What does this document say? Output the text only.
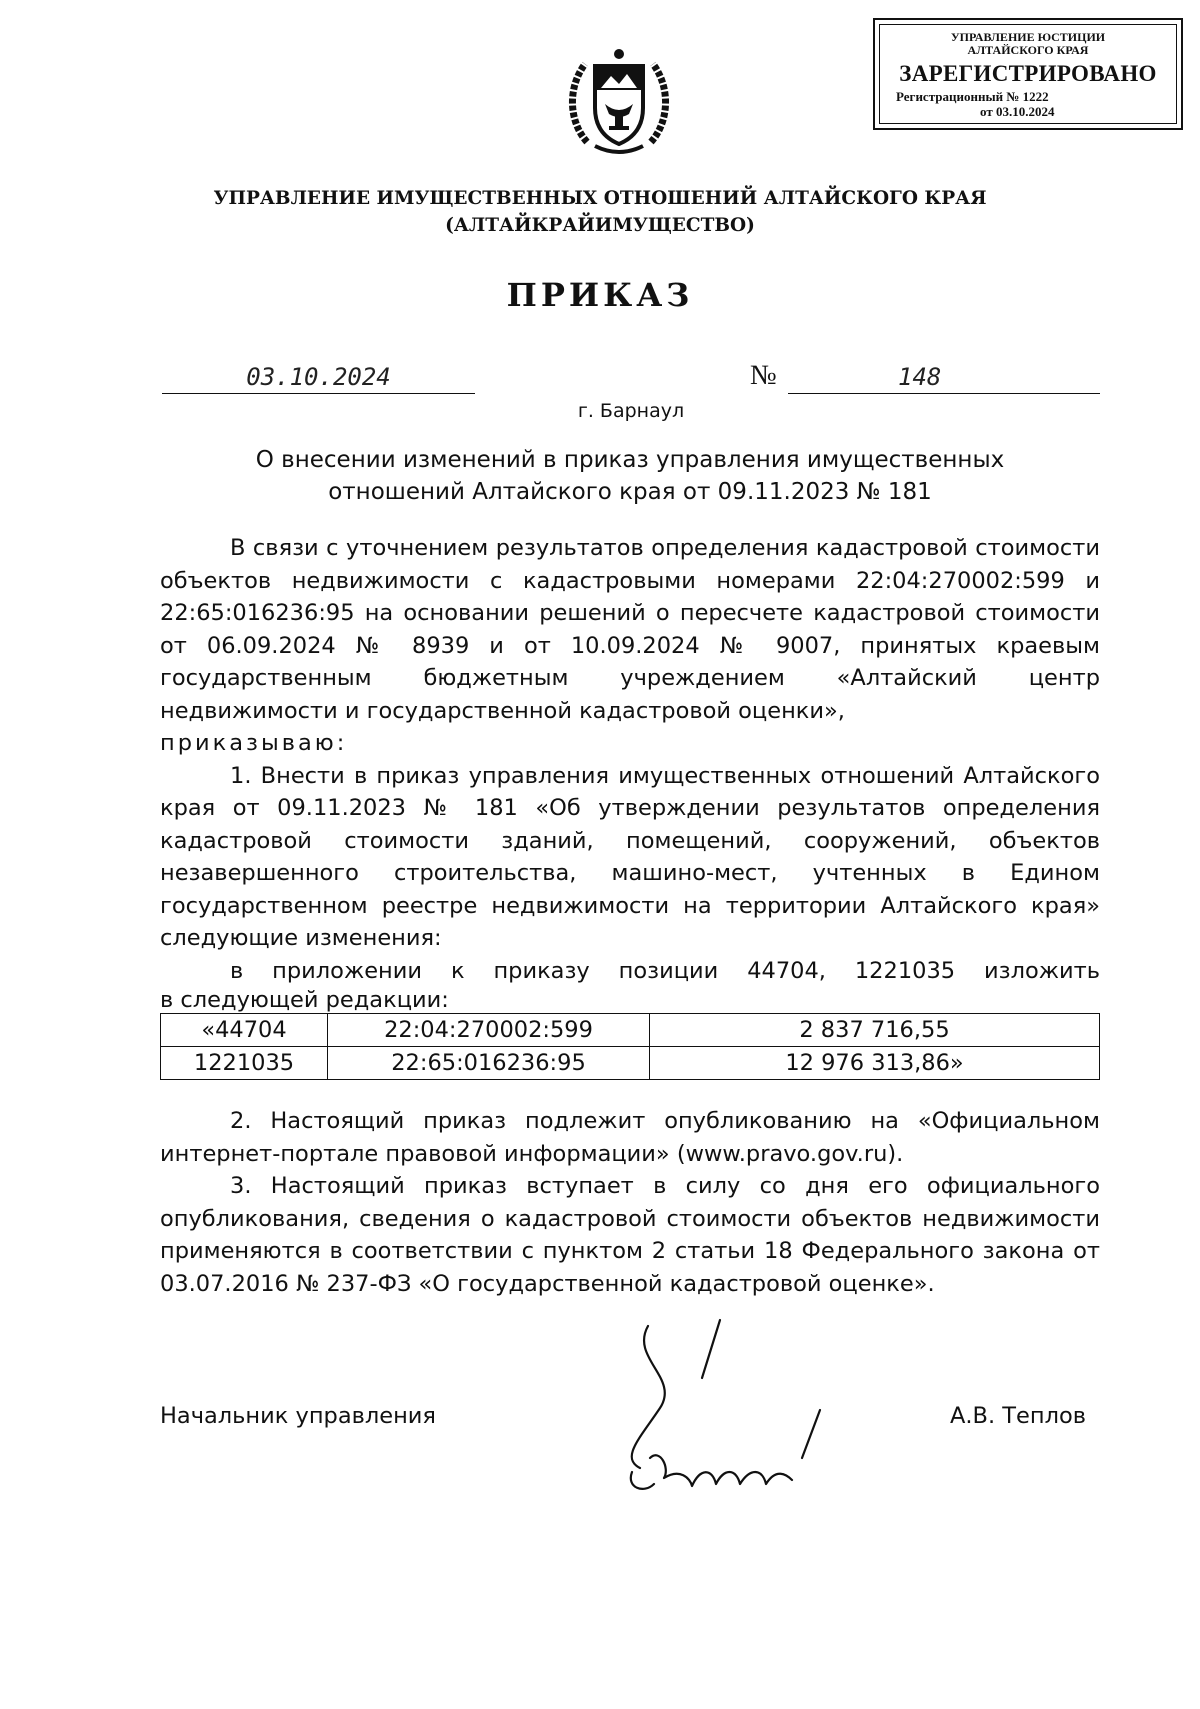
УПРАВЛЕНИЕ ЮСТИЦИИ
АЛТАЙСКОГО КРАЯ
ЗАРЕГИСТРИРОВАНО
Регистрационный № 1222
от 03.10.2024
УПРАВЛЕНИЕ ИМУЩЕСТВЕННЫХ ОТНОШЕНИЙ АЛТАЙСКОГО КРАЯ
(АЛТАЙКРАЙИМУЩЕСТВО)
ПРИКАЗ
03.10.2024	№	148
г. Барнаул
О внесении изменений в приказ управления имущественных
отношений Алтайского края от 09.11.2023 № 181

В связи с уточнением результатов определения кадастровой стоимости объектов недвижимости с кадастровыми номерами 22:04:270002:599 и 22:65:016236:95 на основании решений о пересчете кадастровой стоимости от 06.09.2024 № 8939 и от 10.09.2024 № 9007, принятых краевым государственным бюджетным учреждением «Алтайский центр недвижимости и государственной кадастровой оценки»,

приказываю:

1. Внести в приказ управления имущественных отношений Алтайского края от 09.11.2023 № 181 «Об утверждении результатов определения кадастровой стоимости зданий, помещений, сооружений, объектов незавершенного строительства, машино-мест, учтенных в Едином государственном реестре недвижимости на территории Алтайского края» следующие изменения:

в приложении к приказу позиции 44704, 1221035 изложить

в следующей редакции:

«44704	22:04:270002:599	2 837 716,55
1221035	22:65:016236:95	12 976 313,86»

2. Настоящий приказ подлежит опубликованию на «Официальном интернет-портале правовой информации» (www.pravo.gov.ru).

3. Настоящий приказ вступает в силу со дня его официального опубликования, сведения о кадастровой стоимости объектов недвижимости применяются в соответствии с пунктом 2 статьи 18 Федерального закона от 03.07.2016 № 237-ФЗ «О государственной кадастровой оценке».

Начальник управления	А.В. Теплов
